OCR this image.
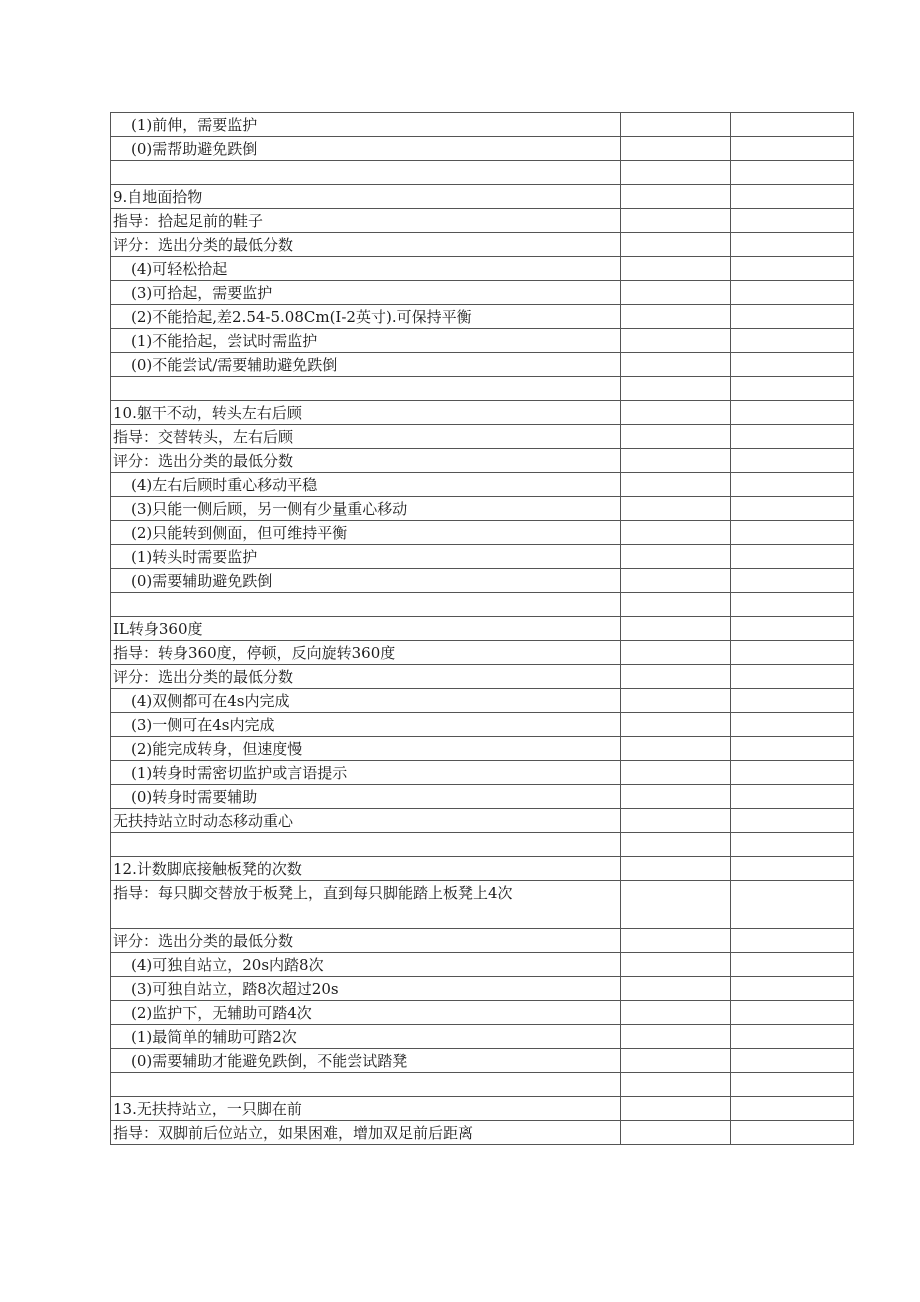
(1)前伸，需要监护		
(0)需帮助避免跌倒		

9.自地面拾物		
指导：拾起足前的鞋子		
评分：选出分类的最低分数		
(4)可轻松拾起		
(3)可拾起，需要监护		
(2)不能拾起,差2.54-5.08Cm(I-2英寸).可保持平衡		
(1)不能拾起，尝试时需监护		
(0)不能尝试/需要辅助避免跌倒		

10.躯干不动，转头左右后顾		
指导：交替转头，左右后顾		
评分：选出分类的最低分数		
(4)左右后顾时重心移动平稳		
(3)只能一侧后顾，另一侧有少量重心移动		
(2)只能转到侧面，但可维持平衡		
(1)转头时需要监护		
(0)需要辅助避免跌倒		

IL转身360度		
指导：转身360度，停顿，反向旋转360度		
评分：选出分类的最低分数		
(4)双侧都可在4s内完成		
(3)一侧可在4s内完成		
(2)能完成转身，但速度慢		
(1)转身时需密切监护或言语提示		
(0)转身时需要辅助		
无扶持站立时动态移动重心		

12.计数脚底接触板凳的次数		
指导：每只脚交替放于板凳上，直到每只脚能踏上板凳上4次		
评分：选出分类的最低分数		
(4)可独自站立，20s内踏8次		
(3)可独自站立，踏8次超过20s		
(2)监护下，无辅助可踏4次		
(1)最简单的辅助可踏2次		
(0)需要辅助才能避免跌倒，不能尝试踏凳		

13.无扶持站立，一只脚在前		
指导：双脚前后位站立，如果困难，增加双足前后距离		
